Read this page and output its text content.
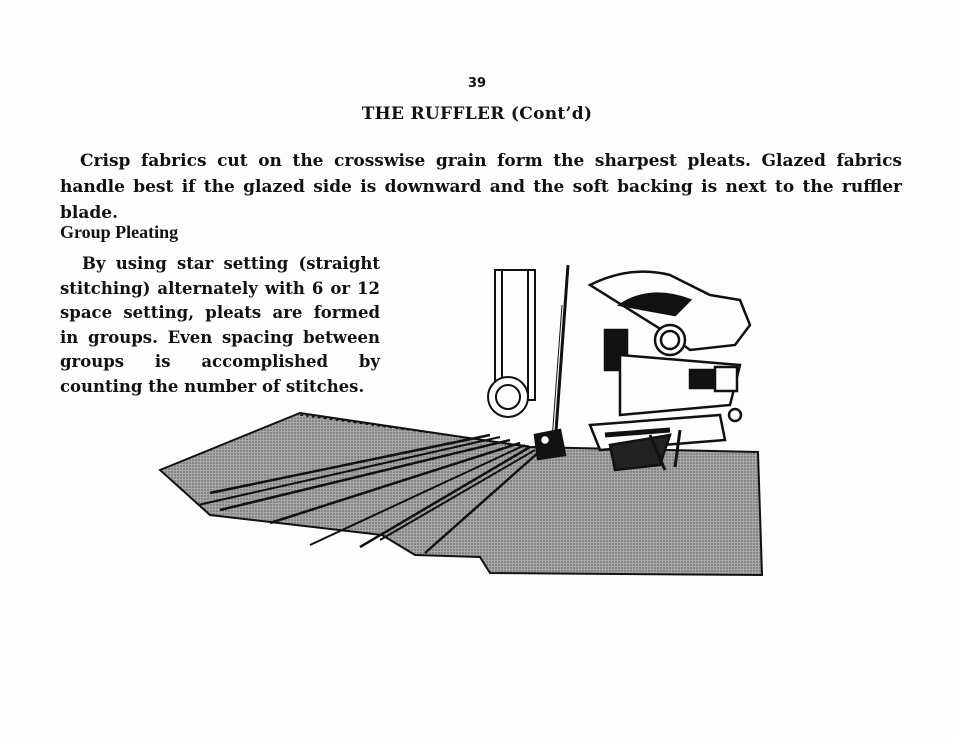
39
THE RUFFLER (Cont’d)

Crisp fabrics cut on the crosswise grain form the sharpest pleats. Glazed fabrics handle best if the glazed side is downward and the soft backing is next to the ruffler blade.

Group Pleating

By using star setting (straight stitching) alternately with 6 or 12 space setting, pleats are formed in groups. Even spacing between groups is accomplished by counting the number of stitches.
